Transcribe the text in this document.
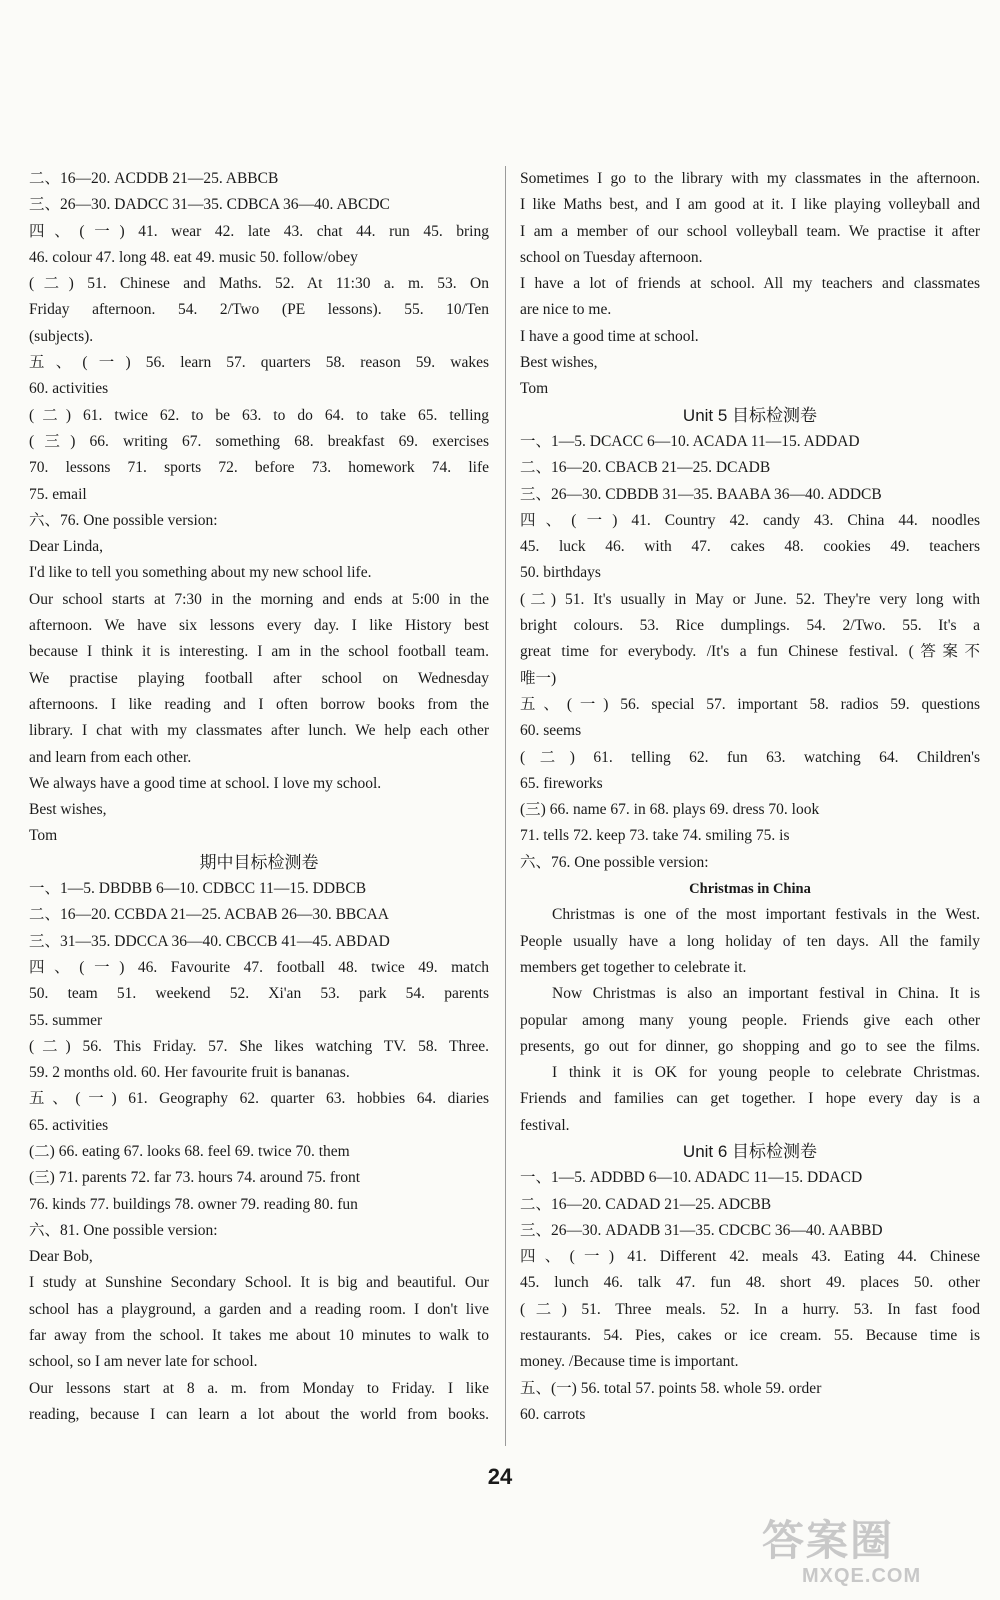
二、16—20. ACDDB 21—25. ABBCB
三、26—30. DADCC 31—35. CDBCA 36—40. ABCDC
四、(一) 41. wear 42. late 43. chat 44. run 45. bring
46. colour 47. long 48. eat 49. music 50. follow/obey
(二) 51. Chinese and Maths. 52. At 11:30 a. m. 53. On
Friday afternoon. 54. 2/Two (PE lessons). 55. 10/Ten
(subjects).
五、(一) 56. learn 57. quarters 58. reason 59. wakes
60. activities
(二) 61. twice 62. to be 63. to do 64. to take 65. telling
(三) 66. writing 67. something 68. breakfast 69. exercises
70. lessons 71. sports 72. before 73. homework 74. life
75. email
六、76. One possible version:
Dear Linda,
I'd like to tell you something about my new school life.
Our school starts at 7:30 in the morning and ends at 5:00 in the
afternoon. We have six lessons every day. I like History best
because I think it is interesting. I am in the school football team.
We practise playing football after school on Wednesday
afternoons. I like reading and I often borrow books from the
library. I chat with my classmates after lunch. We help each other
and learn from each other.
We always have a good time at school. I love my school.
Best wishes,
Tom
期中目标检测卷
一、1—5. DBDBB 6—10. CDBCC 11—15. DDBCB
二、16—20. CCBDA 21—25. ACBAB 26—30. BBCAA
三、31—35. DDCCA 36—40. CBCCB 41—45. ABDAD
四、(一) 46. Favourite 47. football 48. twice 49. match
50. team 51. weekend 52. Xi'an 53. park 54. parents
55. summer
(二) 56. This Friday. 57. She likes watching TV. 58. Three.
59. 2 months old. 60. Her favourite fruit is bananas.
五、(一) 61. Geography 62. quarter 63. hobbies 64. diaries
65. activities
(二) 66. eating 67. looks 68. feel 69. twice 70. them
(三) 71. parents 72. far 73. hours 74. around 75. front
76. kinds 77. buildings 78. owner 79. reading 80. fun
六、81. One possible version:
Dear Bob,
I study at Sunshine Secondary School. It is big and beautiful. Our
school has a playground, a garden and a reading room. I don't live
far away from the school. It takes me about 10 minutes to walk to
school, so I am never late for school.
Our lessons start at 8 a. m. from Monday to Friday. I like
reading, because I can learn a lot about the world from books.
Sometimes I go to the library with my classmates in the afternoon.
I like Maths best, and I am good at it. I like playing volleyball and
I am a member of our school volleyball team. We practise it after
school on Tuesday afternoon.
I have a lot of friends at school. All my teachers and classmates
are nice to me.
I have a good time at school.
Best wishes,
Tom
Unit 5 目标检测卷
一、1—5. DCACC 6—10. ACADA 11—15. ADDAD
二、16—20. CBACB 21—25. DCADB
三、26—30. CDBDB 31—35. BAABA 36—40. ADDCB
四、(一) 41. Country 42. candy 43. China 44. noodles
45. luck 46. with 47. cakes 48. cookies 49. teachers
50. birthdays
(二) 51. It's usually in May or June. 52. They're very long with
bright colours. 53. Rice dumplings. 54. 2/Two. 55. It's a
great time for everybody. /It's a fun Chinese festival. (答案不
唯一)
五、(一) 56. special 57. important 58. radios 59. questions
60. seems
(二) 61. telling 62. fun 63. watching 64. Children's
65. fireworks
(三) 66. name 67. in 68. plays 69. dress 70. look
71. tells 72. keep 73. take 74. smiling 75. is
六、76. One possible version:
Christmas in China
Christmas is one of the most important festivals in the West.
People usually have a long holiday of ten days. All the family
members get together to celebrate it.
Now Christmas is also an important festival in China. It is
popular among many young people. Friends give each other
presents, go out for dinner, go shopping and go to see the films.
I think it is OK for young people to celebrate Christmas.
Friends and families can get together. I hope every day is a
festival.
Unit 6 目标检测卷
一、1—5. ADDBD 6—10. ADADC 11—15. DDACD
二、16—20. CADAD 21—25. ADCBB
三、26—30. ADADB 31—35. CDCBC 36—40. AABBD
四、(一) 41. Different 42. meals 43. Eating 44. Chinese
45. lunch 46. talk 47. fun 48. short 49. places 50. other
(二) 51. Three meals. 52. In a hurry. 53. In fast food
restaurants. 54. Pies, cakes or ice cream. 55. Because time is
money. /Because time is important.
五、(一) 56. total 57. points 58. whole 59. order
60. carrots
24
答案圈
MXQE.COM
